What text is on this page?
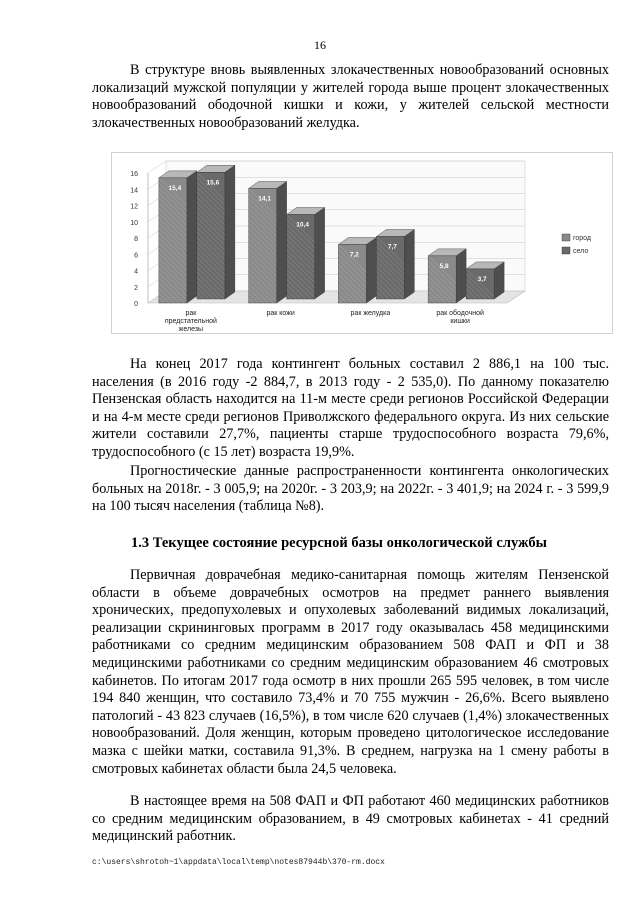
16

В структуре вновь выявленных злокачественных новообразований основных локализаций мужской популяции у жителей города выше процент злокачественных новообразований ободочной кишки и кожи, у жителей сельской местности злокачественных новообразований желудка.

0
2
4
6
8
10
12
14
16
15,4
15,6
рак
предстательной
железы
14,1
10,4
рак кожи
7,2
7,7
рак желудка
5,8
3,7
рак ободочной
кишки
город
село

На конец 2017 года контингент больных составил 2 886,1 на 100 тыс. населения (в 2016 году -2 884,7, в 2013 году - 2 535,0). По данному показателю Пензенская область находится на 11-м месте среди регионов Российской Федерации и на 4-м месте среди регионов Приволжского федерального округа. Из них сельские жители составили 27,7%, пациенты старше трудоспособного возраста 79,6%, трудоспособного (с 15 лет) возраста 19,9%.

Прогностические данные распространенности контингента онкологических больных на 2018г. - 3 005,9; на 2020г. - 3 203,9; на 2022г. - 3 401,9; на 2024 г. - 3 599,9 на 100 тысяч населения (таблица №8).

1.3 Текущее состояние ресурсной базы онкологической службы

Первичная доврачебная медико-санитарная помощь жителям Пензенской области в объеме доврачебных осмотров на предмет раннего выявления хронических, предопухолевых и опухолевых заболеваний видимых локализаций, реализации скрининговых программ в 2017 году оказывалась 458 медицинскими работниками со средним медицинским образованием 508 ФАП и ФП и 38 медицинскими работниками со средним медицинским образованием 46 смотровых кабинетов. По итогам 2017 года осмотр в них прошли 265 595 человек, в том числе 194 840 женщин, что составило 73,4% и 70 755 мужчин - 26,6%. Всего выявлено патологий - 43 823 случаев (16,5%), в том числе 620 случаев (1,4%) злокачественных новообразований. Доля женщин, которым проведено цитологическое исследование мазка с шейки матки, составила 91,3%. В среднем, нагрузка на 1 смену работы в смотровых кабинетах области была 24,5 человека.

В настоящее время на 508 ФАП и ФП работают 460 медицинских работников со средним медицинским образованием, в 49 смотровых кабинетах - 41 средний медицинский работник.

c:\users\shrotoh~1\appdata\local\temp\notes87944b\370-rm.docx
